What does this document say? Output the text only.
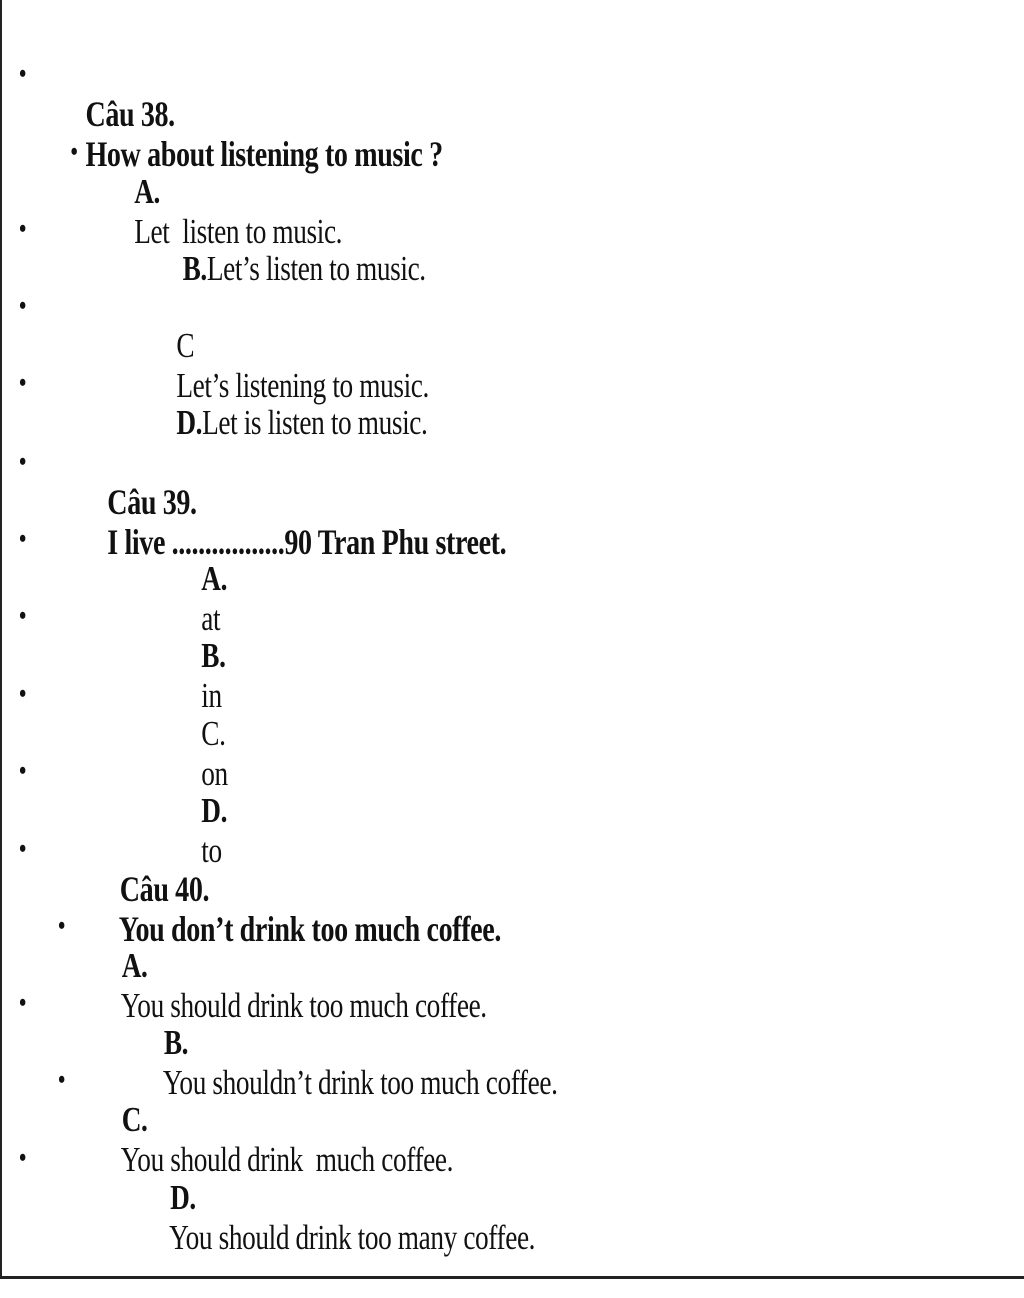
•

Câu 38.
How about listening to music ?

•

A.
Let  listen to music.

•

B.Let’s listen to music.

•

C
Let’s listening to music.

•

D.Let is listen to music.

•

Câu 39.
I live .................90 Tran Phu street.

•

A.
at

•

B.
in

•

C.
on

•

D.
to

•

Câu 40.
You don’t drink too much coffee.

•

A.
You should drink too much coffee.

•

B.
You shouldn’t drink too much coffee.

•

C.
You should drink  much coffee.

•

D.
You should drink too many coffee.
